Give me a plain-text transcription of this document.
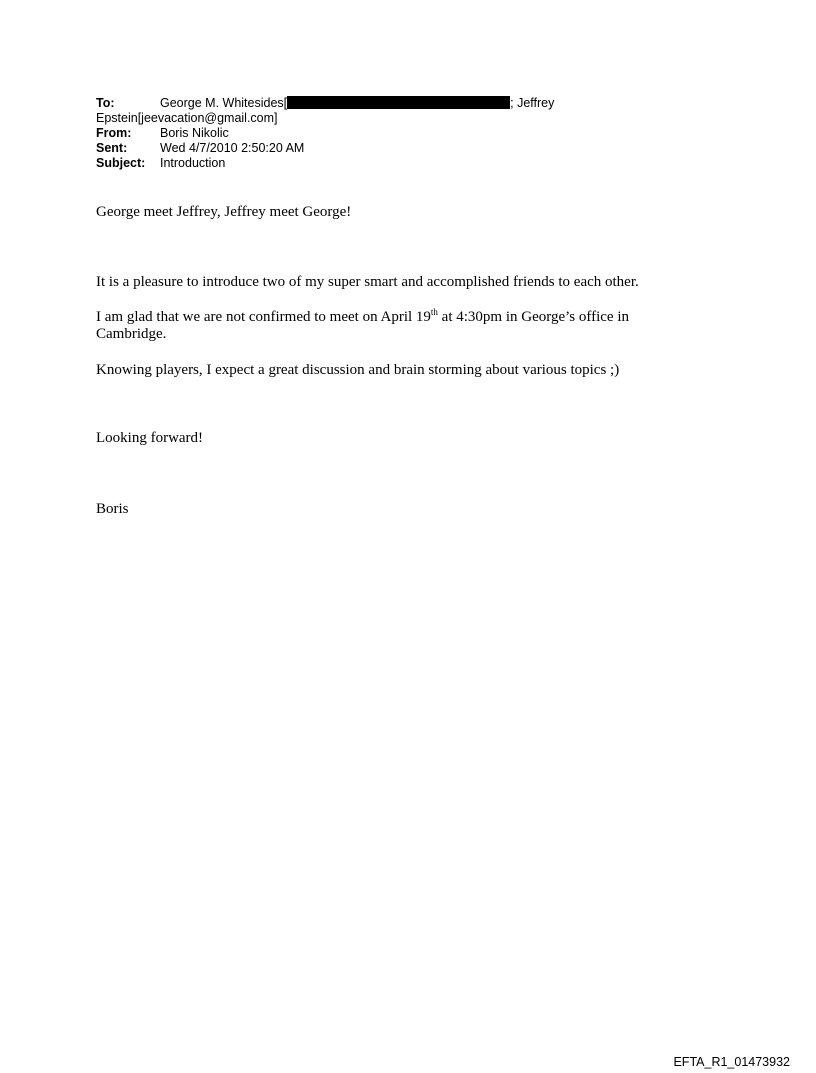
To:	George M. Whitesides[	; Jeffrey
Epstein[jeevacation@gmail.com]
From: Boris Nikolic
Sent:	Wed 4/7/2010 2:50:20 AM
Subject: Introduction

George meet Jeffrey, Jeffrey meet George!

It is a pleasure to introduce two of my super smart and accomplished friends to each other.

I am glad that we are not confirmed to meet on April 19th at 4:30pm in George’s office in
Cambridge.

Knowing players, I expect a great discussion and brain storming about various topics ;)

Looking forward!

Boris

EFTA_R1_01473932
